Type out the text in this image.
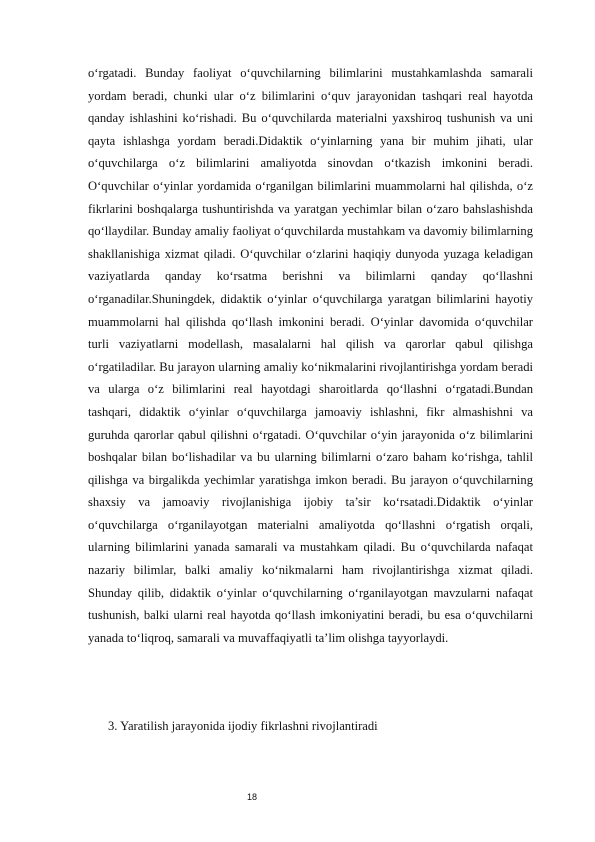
o‘rgatadi. Bunday faoliyat o‘quvchilarning bilimlarini mustahkamlashda samarali yordam beradi, chunki ular o‘z bilimlarini o‘quv jarayonidan tashqari real hayotda qanday ishlashini ko‘rishadi. Bu o‘quvchilarda materialni yaxshiroq tushunish va uni qayta ishlashga yordam beradi.Didaktik o‘yinlarning yana bir muhim jihati, ular o‘quvchilarga o‘z bilimlarini amaliyotda sinovdan o‘tkazish imkonini beradi. O‘quvchilar o‘yinlar yordamida o‘rganilgan bilimlarini muammolarni hal qilishda, o‘z fikrlarini boshqalarga tushuntirishda va yaratgan yechimlar bilan o‘zaro bahslashishda qo‘llaydilar. Bunday amaliy faoliyat o‘quvchilarda mustahkam va davomiy bilimlarning shakllanishiga xizmat qiladi. O‘quvchilar o‘zlarini haqiqiy dunyoda yuzaga keladigan vaziyatlarda qanday ko‘rsatma berishni va bilimlarni qanday qo‘llashni o‘rganadilar.Shuningdek, didaktik o‘yinlar o‘quvchilarga yaratgan bilimlarini hayotiy muammolarni hal qilishda qo‘llash imkonini beradi. O‘yinlar davomida o‘quvchilar turli vaziyatlarni modellash, masalalarni hal qilish va qarorlar qabul qilishga o‘rgatiladilar. Bu jarayon ularning amaliy ko‘nikmalarini rivojlantirishga yordam beradi va ularga o‘z bilimlarini real hayotdagi sharoitlarda qo‘llashni o‘rgatadi.Bundan tashqari, didaktik o‘yinlar o‘quvchilarga jamoaviy ishlashni, fikr almashishni va guruhda qarorlar qabul qilishni o‘rgatadi. O‘quvchilar o‘yin jarayonida o‘z bilimlarini boshqalar bilan bo‘lishadilar va bu ularning bilimlarni o‘zaro baham ko‘rishga, tahlil qilishga va birgalikda yechimlar yaratishga imkon beradi. Bu jarayon o‘quvchilarning shaxsiy va jamoaviy rivojlanishiga ijobiy ta’sir ko‘rsatadi.Didaktik o‘yinlar o‘quvchilarga o‘rganilayotgan materialni amaliyotda qo‘llashni o‘rgatish orqali, ularning bilimlarini yanada samarali va mustahkam qiladi. Bu o‘quvchilarda nafaqat nazariy bilimlar, balki amaliy ko‘nikmalarni ham rivojlantirishga xizmat qiladi. Shunday qilib, didaktik o‘yinlar o‘quvchilarning o‘rganilayotgan mavzularni nafaqat tushunish, balki ularni real hayotda qo‘llash imkoniyatini beradi, bu esa o‘quvchilarni yanada to‘liqroq, samarali va muvaffaqiyatli ta’lim olishga tayyorlaydi.

3. Yaratilish jarayonida ijodiy fikrlashni rivojlantiradi

18
